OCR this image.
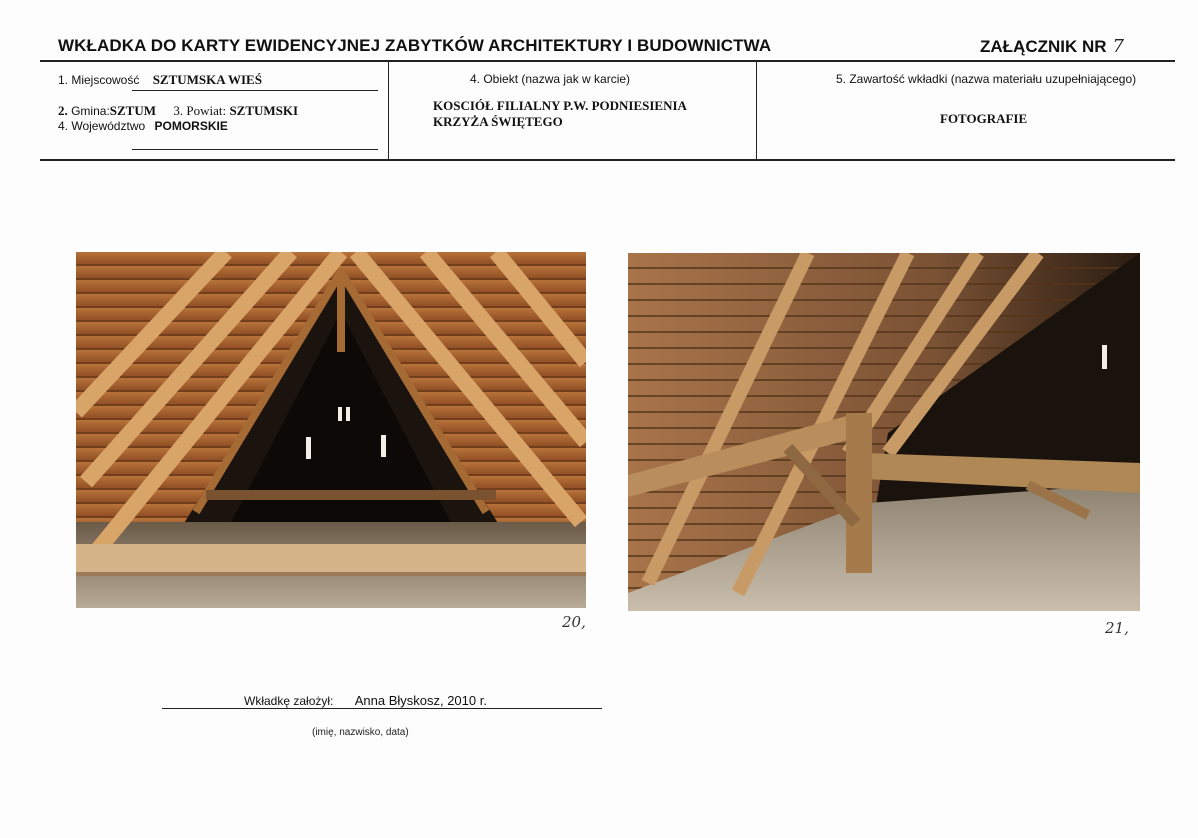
WKŁADKA DO KARTY EWIDENCYJNEJ ZABYTKÓW ARCHITEKTURY I BUDOWNICTWA	ZAŁĄCZNIK NR 7
1. Miejscowość SZTUMSKA WIEŚ
2. Gmina:SZTUM 3. Powiat: SZTUMSKI
4. Województwo POMORSKIE
4. Obiekt (nazwa jak w karcie)
KOSCIÓŁ FILIALNY P.W. PODNIESIENIA
KRZYŻA ŚWIĘTEGO
5. Zawartość wkładki (nazwa materiału uzupełniającego)
FOTOGRAFIE
20,	21,
Wkładkę założył: Anna Błyskosz, 2010 r.
(imię, nazwisko, data)
